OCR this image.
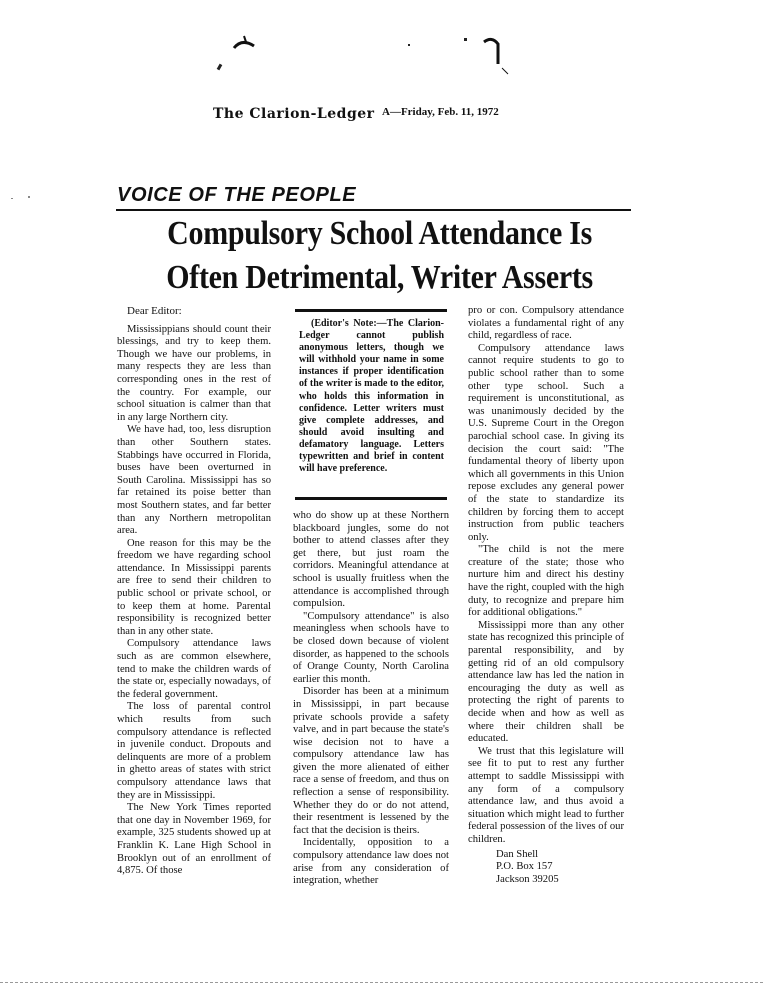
The Clarion-Ledger A—Friday, Feb. 11, 1972
VOICE OF THE PEOPLE
Compulsory School Attendance Is
Often Detrimental, Writer Asserts

Dear Editor:

Mississippians should count their blessings, and try to keep them. Though we have our problems, in many respects they are less than corresponding ones in the rest of the country. For example, our school situation is calmer than that in any large Northern city.

We have had, too, less disruption than other Southern states. Stabbings have occurred in Florida, buses have been overturned in South Carolina. Mississippi has so far retained its poise better than most Southern states, and far better than any Northern metropolitan area.

One reason for this may be the freedom we have regarding school attendance. In Mississippi parents are free to send their children to public school or private school, or to keep them at home. Parental responsibility is recognized better than in any other state.

Compulsory attendance laws such as are common elsewhere, tend to make the children wards of the state or, especially nowadays, of the federal government.

The loss of parental control which results from such compulsory attendance is reflected in juvenile conduct. Dropouts and delinquents are more of a problem in ghetto areas of states with strict compulsory attendance laws that they are in Mississippi.

The New York Times reported that one day in November 1969, for example, 325 students showed up at Franklin K. Lane High School in Brooklyn out of an enrollment of 4,875. Of those

(Editor's Note:—The Clarion-Ledger cannot publish anonymous letters, though we will withhold your name in some instances if proper identification of the writer is made to the editor, who holds this information in confidence. Letter writers must give complete addresses, and should avoid insulting and defamatory language. Letters typewritten and brief in content will have preference.

who do show up at these Northern blackboard jungles, some do not bother to attend classes after they get there, but just roam the corridors. Meaningful attendance at school is usually fruitless when the attendance is accomplished through compulsion.

"Compulsory attendance" is also meaningless when schools have to be closed down because of violent disorder, as happened to the schools of Orange County, North Carolina earlier this month.

Disorder has been at a minimum in Mississippi, in part because private schools provide a safety valve, and in part because the state's wise decision not to have a compulsory attendance law has given the more alienated of either race a sense of freedom, and thus on reflection a sense of responsibility. Whether they do or do not attend, their resentment is lessened by the fact that the decision is theirs.

Incidentally, opposition to a compulsory attendance law does not arise from any consideration of integration, whether

pro or con. Compulsory attendance violates a fundamental right of any child, regardless of race.

Compulsory attendance laws cannot require students to go to public school rather than to some other type school. Such a requirement is unconstitutional, as was unanimously decided by the U.S. Supreme Court in the Oregon parochial school case. In giving its decision the court said: "The fundamental theory of liberty upon which all governments in this Union repose excludes any general power of the state to standardize its children by forcing them to accept instruction from public teachers only.

"The child is not the mere creature of the state; those who nurture him and direct his destiny have the right, coupled with the high duty, to recognize and prepare him for additional obligations."

Mississippi more than any other state has recognized this principle of parental responsibility, and by getting rid of an old compulsory attendance law has led the nation in encouraging the duty as well as protecting the right of parents to decide when and how as well as where their children shall be educated.

We trust that this legislature will see fit to put to rest any further attempt to saddle Mississippi with any form of a compulsory attendance law, and thus avoid a situation which might lead to further federal possession of the lives of our children.

Dan Shell
P.O. Box 157
Jackson 39205
